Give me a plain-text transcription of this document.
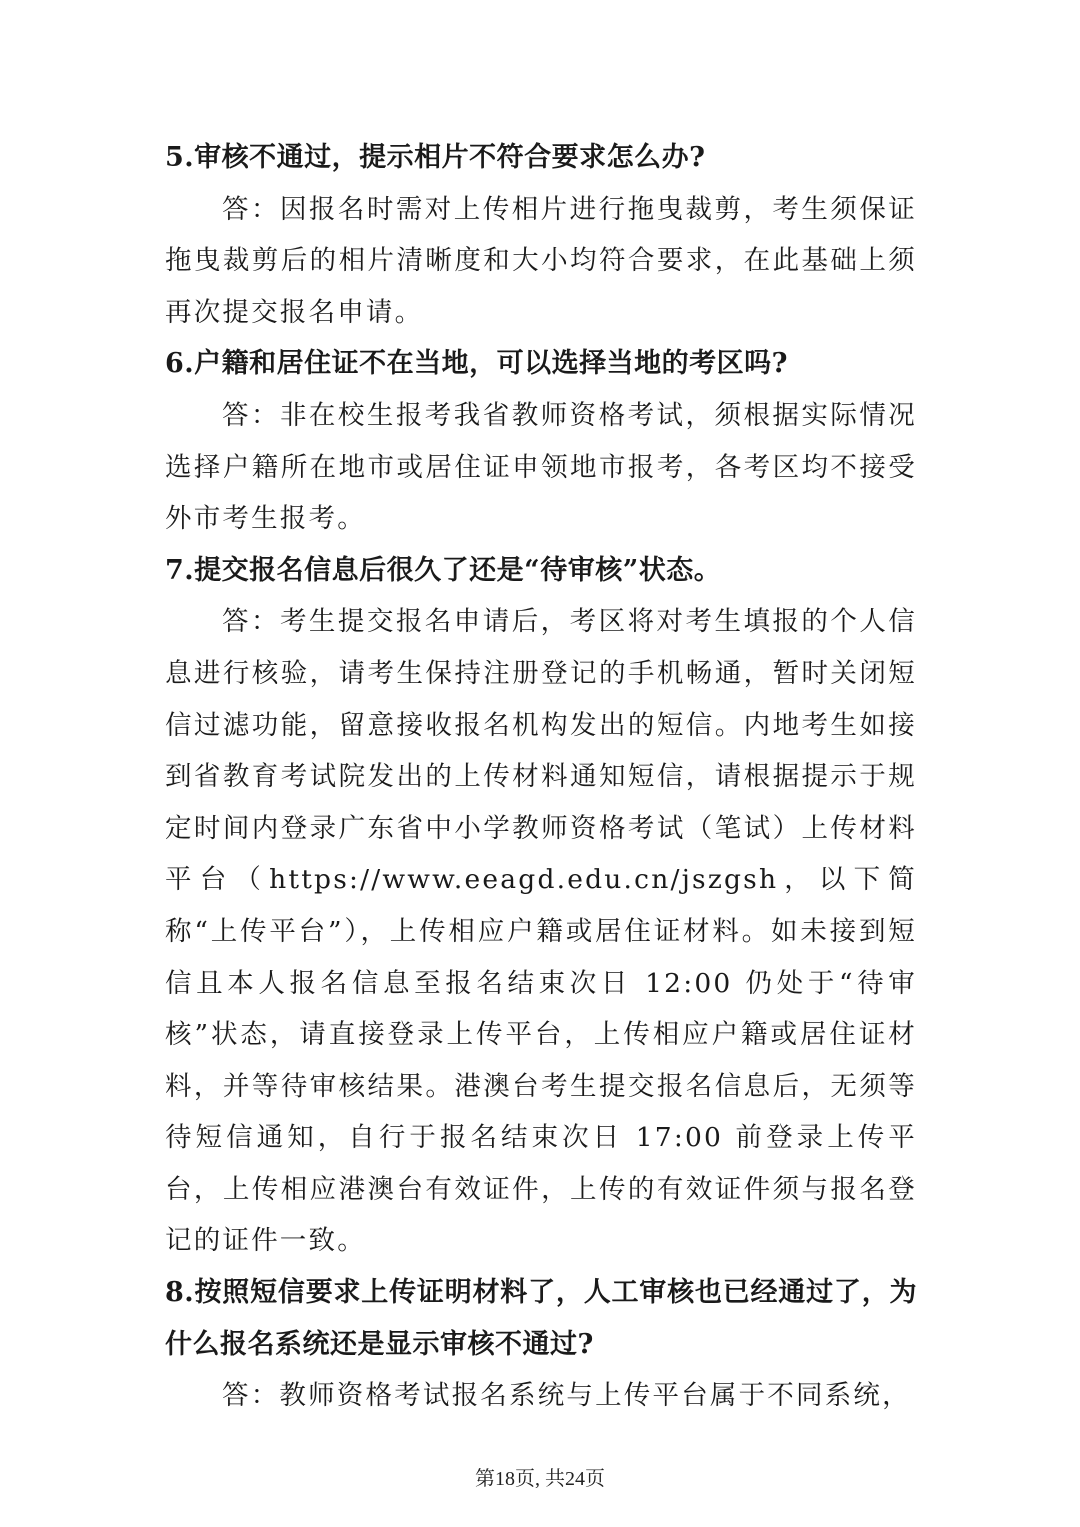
5.审核不通过，提示相片不符合要求怎么办?

答：因报名时需对上传相片进行拖曳裁剪，考生须保证拖曳裁剪后的相片清晰度和大小均符合要求，在此基础上须再次提交报名申请。

6.户籍和居住证不在当地，可以选择当地的考区吗?

答：非在校生报考我省教师资格考试，须根据实际情况选择户籍所在地市或居住证申领地市报考，各考区均不接受外市考生报考。

7.提交报名信息后很久了还是“待审核”状态。

答：考生提交报名申请后，考区将对考生填报的个人信息进行核验，请考生保持注册登记的手机畅通，暂时关闭短信过滤功能，留意接收报名机构发出的短信。内地考生如接到省教育考试院发出的上传材料通知短信，请根据提示于规定时间内登录广东省中小学教师资格考试（笔试）上传材料平台（https://www.eeagd.edu.cn/jszgsh，以下简称“上传平台”），上传相应户籍或居住证材料。如未接到短信且本人报名信息至报名结束次日 12:00 仍处于“待审核”状态，请直接登录上传平台，上传相应户籍或居住证材料，并等待审核结果。港澳台考生提交报名信息后，无须等待短信通知，自行于报名结束次日 17:00 前登录上传平台，上传相应港澳台有效证件，上传的有效证件须与报名登记的证件一致。

8.按照短信要求上传证明材料了，人工审核也已经通过了，为什么报名系统还是显示审核不通过?

答：教师资格考试报名系统与上传平台属于不同系统，

第18页, 共24页
